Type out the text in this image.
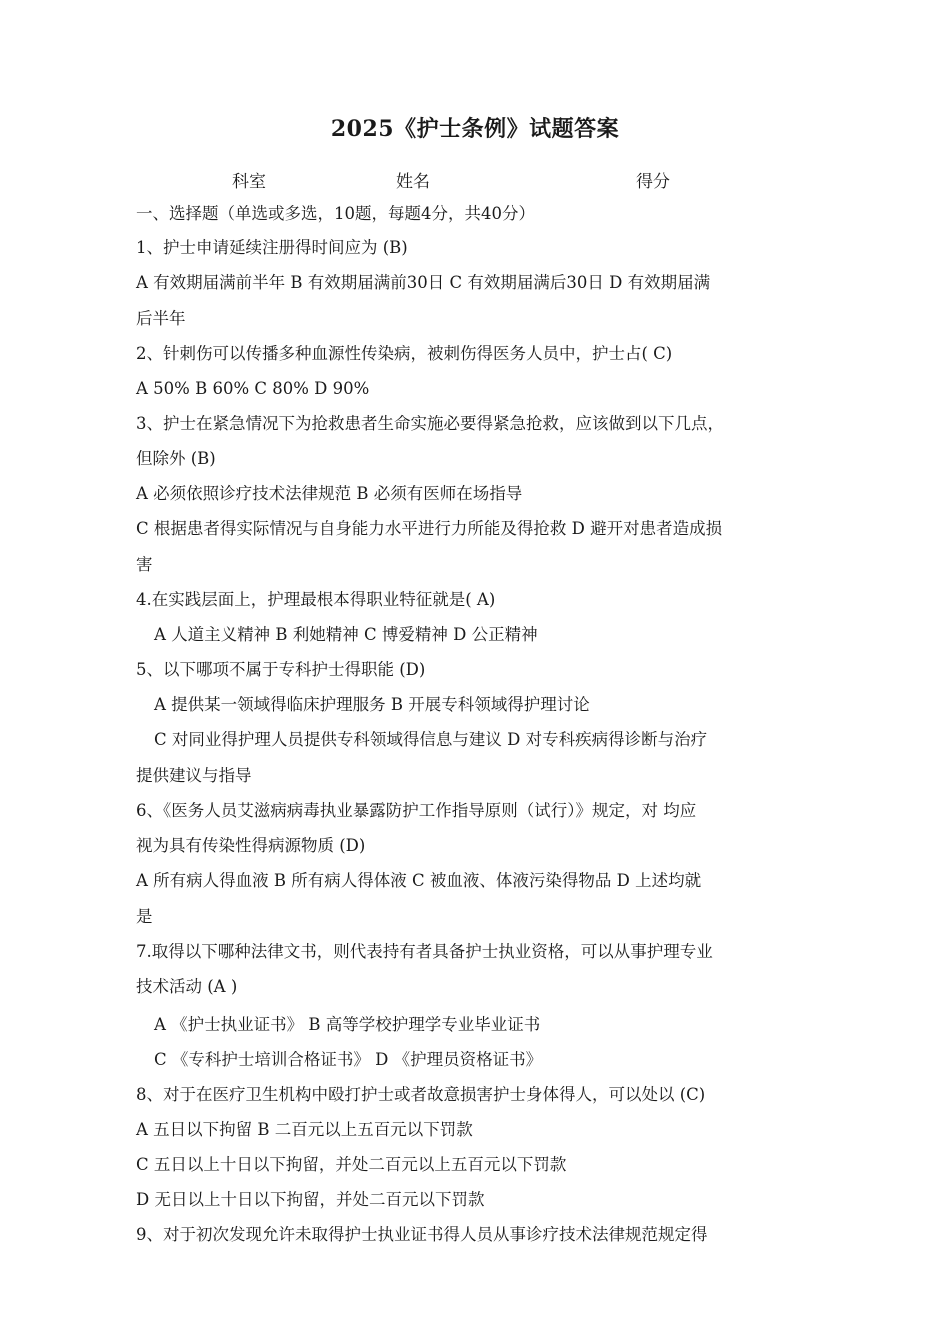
2025《护士条例》试题答案
科室	姓名	得分
一、选择题（单选或多选，10题，每题4分，共40分）
1、护士申请延续注册得时间应为 (B)
A 有效期届满前半年 B 有效期届满前30日 C 有效期届满后30日 D 有效期届满
后半年
2、针刺伤可以传播多种血源性传染病，被刺伤得医务人员中，护士占( C)
A 50% B 60% C 80% D 90%
3、护士在紧急情况下为抢救患者生命实施必要得紧急抢救，应该做到以下几点，
但除外 (B)
A 必须依照诊疗技术法律规范 B 必须有医师在场指导
C 根据患者得实际情况与自身能力水平进行力所能及得抢救 D 避开对患者造成损
害
4.在实践层面上，护理最根本得职业特征就是( A)
A 人道主义精神 B 利她精神 C 博爱精神 D 公正精神
5、以下哪项不属于专科护士得职能 (D)
A 提供某一领域得临床护理服务 B 开展专科领域得护理讨论
C 对同业得护理人员提供专科领域得信息与建议 D 对专科疾病得诊断与治疗
提供建议与指导
6、《医务人员艾滋病病毒执业暴露防护工作指导原则（试行）》规定，对 均应
视为具有传染性得病源物质 (D)
A 所有病人得血液 B 所有病人得体液 C 被血液、体液污染得物品 D 上述均就
是
7.取得以下哪种法律文书，则代表持有者具备护士执业资格，可以从事护理专业
技术活动 (A )
A 《护士执业证书》 B 高等学校护理学专业毕业证书
C 《专科护士培训合格证书》 D 《护理员资格证书》
8、对于在医疗卫生机构中殴打护士或者故意损害护士身体得人，可以处以 (C)
A 五日以下拘留 B 二百元以上五百元以下罚款
C 五日以上十日以下拘留，并处二百元以上五百元以下罚款
D 无日以上十日以下拘留，并处二百元以下罚款
9、对于初次发现允许未取得护士执业证书得人员从事诊疗技术法律规范规定得
